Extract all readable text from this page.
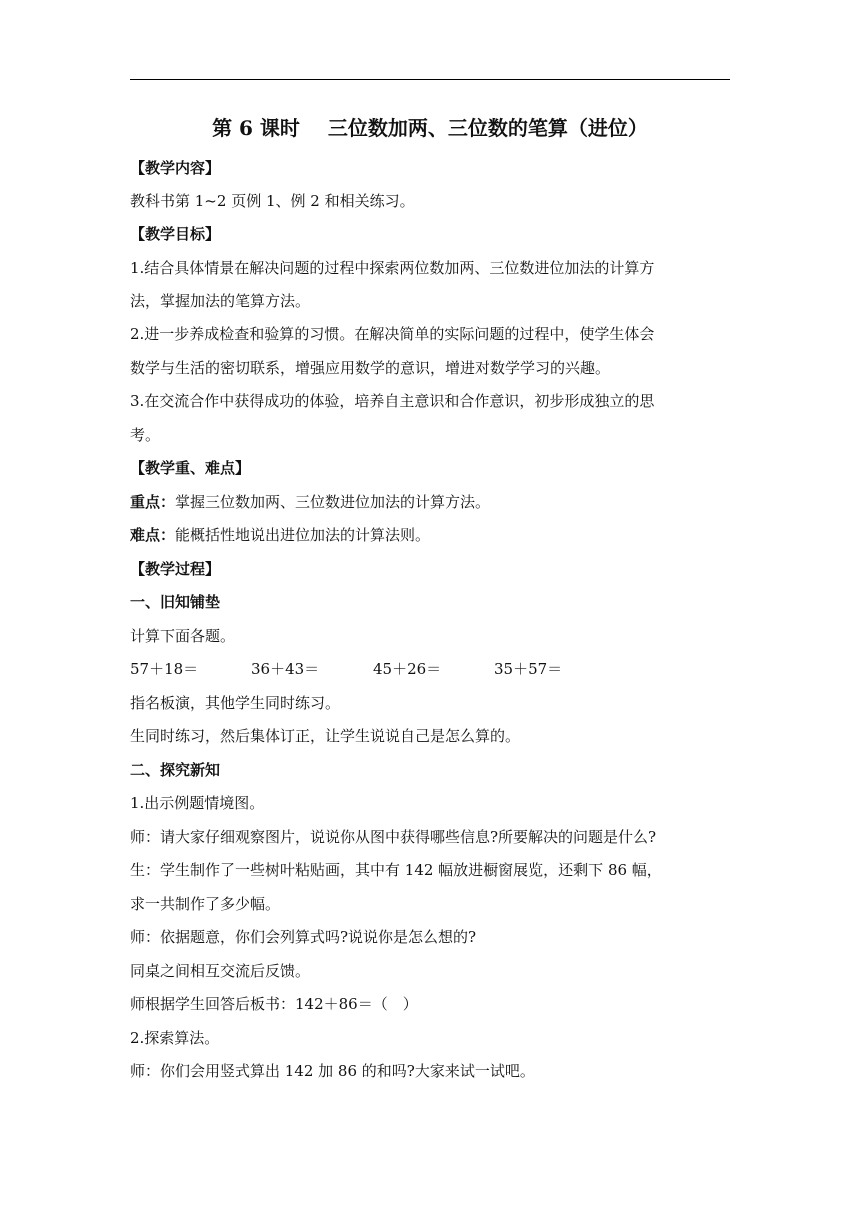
第 6 课时 三位数加两、三位数的笔算（进位）
【教学内容】
教科书第 1~2 页例 1、例 2 和相关练习。
【教学目标】
1.结合具体情景在解决问题的过程中探索两位数加两、三位数进位加法的计算方
法，掌握加法的笔算方法。
2.进一步养成检查和验算的习惯。在解决简单的实际问题的过程中，使学生体会
数学与生活的密切联系，增强应用数学的意识，增进对数学学习的兴趣。
3.在交流合作中获得成功的体验，培养自主意识和合作意识，初步形成独立的思
考。
【教学重、难点】
重点：掌握三位数加两、三位数进位加法的计算方法。
难点：能概括性地说出进位加法的计算法则。
【教学过程】
一、旧知铺垫
计算下面各题。
57＋18＝	36＋43＝	45＋26＝	35＋57＝
指名板演，其他学生同时练习。
生同时练习，然后集体订正，让学生说说自己是怎么算的。
二、探究新知
1.出示例题情境图。
师：请大家仔细观察图片，说说你从图中获得哪些信息?所要解决的问题是什么?
生：学生制作了一些树叶粘贴画，其中有 142 幅放进橱窗展览，还剩下 86 幅，
求一共制作了多少幅。
师：依据题意，你们会列算式吗?说说你是怎么想的?
同桌之间相互交流后反馈。
师根据学生回答后板书：142＋86＝（　）
2.探索算法。
师：你们会用竖式算出 142 加 86 的和吗?大家来试一试吧。
